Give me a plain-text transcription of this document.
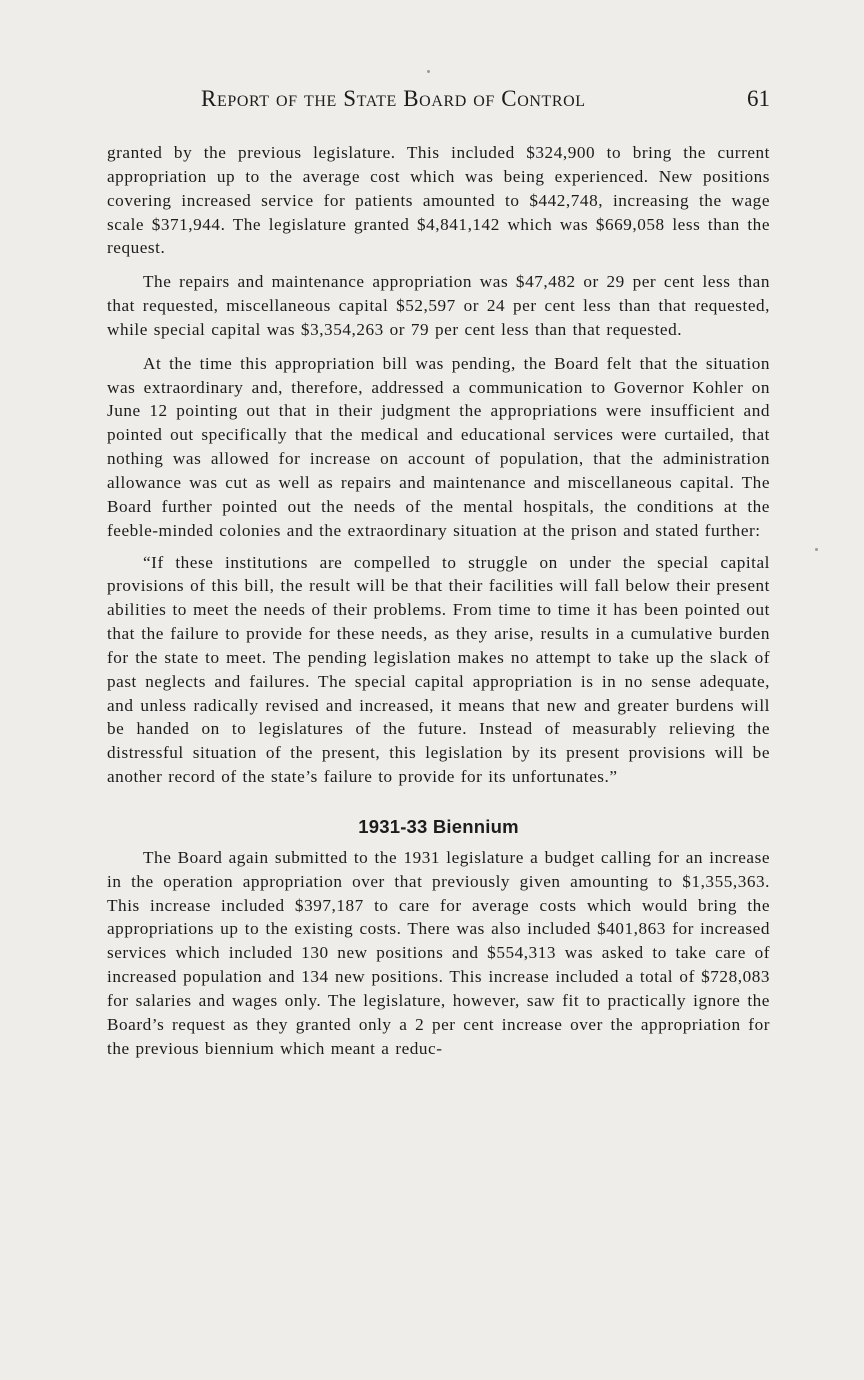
Report of the State Board of Control	61

granted by the previous legislature. This included $324,900 to bring the current appropriation up to the average cost which was being experienced. New positions covering increased service for patients amounted to $442,748, increasing the wage scale $371,944. The legislature granted $4,841,142 which was $669,058 less than the request.

The repairs and maintenance appropriation was $47,482 or 29 per cent less than that requested, miscellaneous capital $52,597 or 24 per cent less than that requested, while special capital was $3,354,263 or 79 per cent less than that requested.

At the time this appropriation bill was pending, the Board felt that the situation was extraordinary and, therefore, addressed a communication to Governor Kohler on June 12 pointing out that in their judgment the appropriations were insufficient and pointed out specifically that the medical and educational services were curtailed, that nothing was allowed for increase on account of population, that the administration allowance was cut as well as repairs and maintenance and miscellaneous capital. The Board further pointed out the needs of the mental hospitals, the conditions at the feeble-minded colonies and the extraordinary situation at the prison and stated further:

“If these institutions are compelled to struggle on under the special capital provisions of this bill, the result will be that their facilities will fall below their present abilities to meet the needs of their problems. From time to time it has been pointed out that the failure to provide for these needs, as they arise, results in a cumulative burden for the state to meet. The pending legislation makes no attempt to take up the slack of past neglects and failures. The special capital appropriation is in no sense adequate, and unless radically revised and increased, it means that new and greater burdens will be handed on to legislatures of the future. Instead of measurably relieving the distressful situation of the present, this legislation by its present provisions will be another record of the state’s failure to provide for its unfortunates.”

1931-33 Biennium

The Board again submitted to the 1931 legislature a budget calling for an increase in the operation appropriation over that previously given amounting to $1,355,363. This increase included $397,187 to care for average costs which would bring the appropriations up to the existing costs. There was also included $401,863 for increased services which included 130 new positions and $554,313 was asked to take care of increased population and 134 new positions. This increase included a total of $728,083 for salaries and wages only. The legislature, however, saw fit to practically ignore the Board’s request as they granted only a 2 per cent increase over the appropriation for the previous biennium which meant a reduc-
